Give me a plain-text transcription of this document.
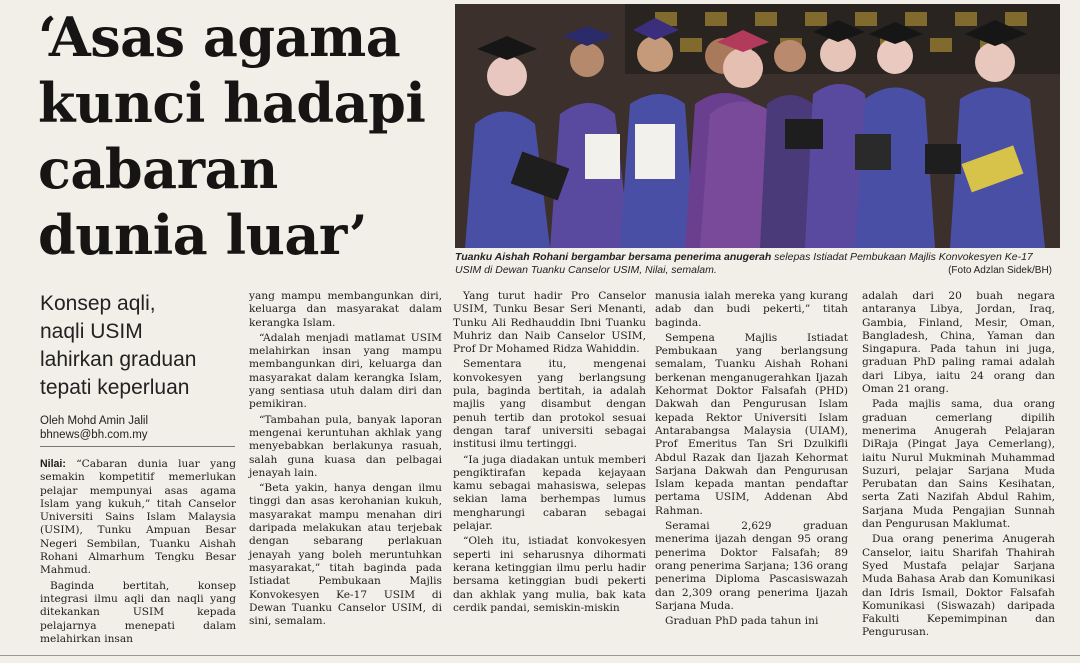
‘Asas agama
kunci hadapi
cabaran
dunia luar’	Tuanku Aishah Rohani bergambar bersama penerima anugerah selepas Istiadat Pembukaan Majlis Konvokesyen Ke-17 USIM di Dewan Tuanku Canselor USIM, Nilai, semalam.	(Foto Adzlan Sidek/BH)
Konsep aqli,
naqli USIM
lahirkan graduan
tepati keperluan
Oleh Mohd Amin Jalil
bhnews@bh.com.my

Nilai: “Cabaran dunia luar yang semakin kompetitif memerlukan pelajar mempunyai asas agama Islam yang kukuh,” titah Canselor Universiti Sains Islam Malaysia (USIM), Tunku Ampuan Besar Negeri Sembilan, Tuanku Aishah Rohani Almarhum Tengku Besar Mahmud.

Baginda bertitah, konsep integrasi ilmu aqli dan naqli yang ditekankan USIM kepada pelajarnya menepati dalam melahirkan insan

yang mampu membangunkan diri, keluarga dan masyarakat dalam kerangka Islam.

“Adalah menjadi matlamat USIM melahirkan insan yang mampu membangunkan diri, keluarga dan masyarakat dalam kerangka Islam, yang sentiasa utuh dalam diri dan pemikiran.

“Tambahan pula, banyak laporan mengenai keruntuhan akhlak yang menyebabkan berlakunya rasuah, salah guna kuasa dan pelbagai jenayah lain.

“Beta yakin, hanya dengan ilmu tinggi dan asas kerohanian kukuh, masyarakat mampu menahan diri daripada melakukan atau terjebak dengan sebarang perlakuan jenayah yang boleh meruntuhkan masyarakat,” titah baginda pada Istiadat Pembukaan Majlis Konvokesyen Ke-17 USIM di Dewan Tuanku Canselor USIM, di sini, semalam.

Yang turut hadir Pro Canselor USIM, Tunku Besar Seri Menanti, Tunku Ali Redhauddin Ibni Tuanku Muhriz dan Naib Canselor USIM, Prof Dr Mohamed Ridza Wahiddin.

Sementara itu, mengenai konvokesyen yang berlangsung pula, baginda bertitah, ia adalah majlis yang disambut dengan penuh tertib dan protokol sesuai dengan taraf universiti sebagai institusi ilmu tertinggi.

“Ia juga diadakan untuk memberi pengiktirafan kepada kejayaan kamu sebagai mahasiswa, selepas sekian lama berhempas lumus mengharungi cabaran sebagai pelajar.

“Oleh itu, istiadat konvokesyen seperti ini seharusnya dihormati kerana ketinggian ilmu perlu hadir bersama ketinggian budi pekerti dan akhlak yang mulia, bak kata cerdik pandai, semiskin-miskin

manusia ialah mereka yang kurang adab dan budi pekerti,” titah baginda.

Sempena Majlis Istiadat Pembukaan yang berlangsung semalam, Tuanku Aishah Rohani berkenan menganugerahkan Ijazah Kehormat Doktor Falsafah (PHD) Dakwah dan Pengurusan Islam kepada Rektor Universiti Islam Antarabangsa Malaysia (UIAM), Prof Emeritus Tan Sri Dzulkifli Abdul Razak dan Ijazah Kehormat Sarjana Dakwah dan Pengurusan Islam kepada mantan pendaftar pertama USIM, Addenan Abd Rahman.

Seramai 2,629 graduan menerima ijazah dengan 95 orang penerima Doktor Falsafah; 89 orang penerima Sarjana; 136 orang penerima Diploma Pascasiswazah dan 2,309 orang penerima Ijazah Sarjana Muda.

Graduan PhD pada tahun ini

adalah dari 20 buah negara antaranya Libya, Jordan, Iraq, Gambia, Finland, Mesir, Oman, Bangladesh, China, Yaman dan Singapura. Pada tahun ini juga, graduan PhD paling ramai adalah dari Libya, iaitu 24 orang dan Oman 21 orang.

Pada majlis sama, dua orang graduan cemerlang dipilih menerima Anugerah Pelajaran DiRaja (Pingat Jaya Cemerlang), iaitu Nurul Mukminah Muhammad Suzuri, pelajar Sarjana Muda Perubatan dan Sains Kesihatan, serta Zati Nazifah Abdul Rahim, Sarjana Muda Pengajian Sunnah dan Pengurusan Maklumat.

Dua orang penerima Anugerah Canselor, iaitu Sharifah Thahirah Syed Mustafa pelajar Sarjana Muda Bahasa Arab dan Komunikasi dan Idris Ismail, Doktor Falsafah Komunikasi (Siswazah) daripada Fakulti Kepemimpinan dan Pengurusan.
